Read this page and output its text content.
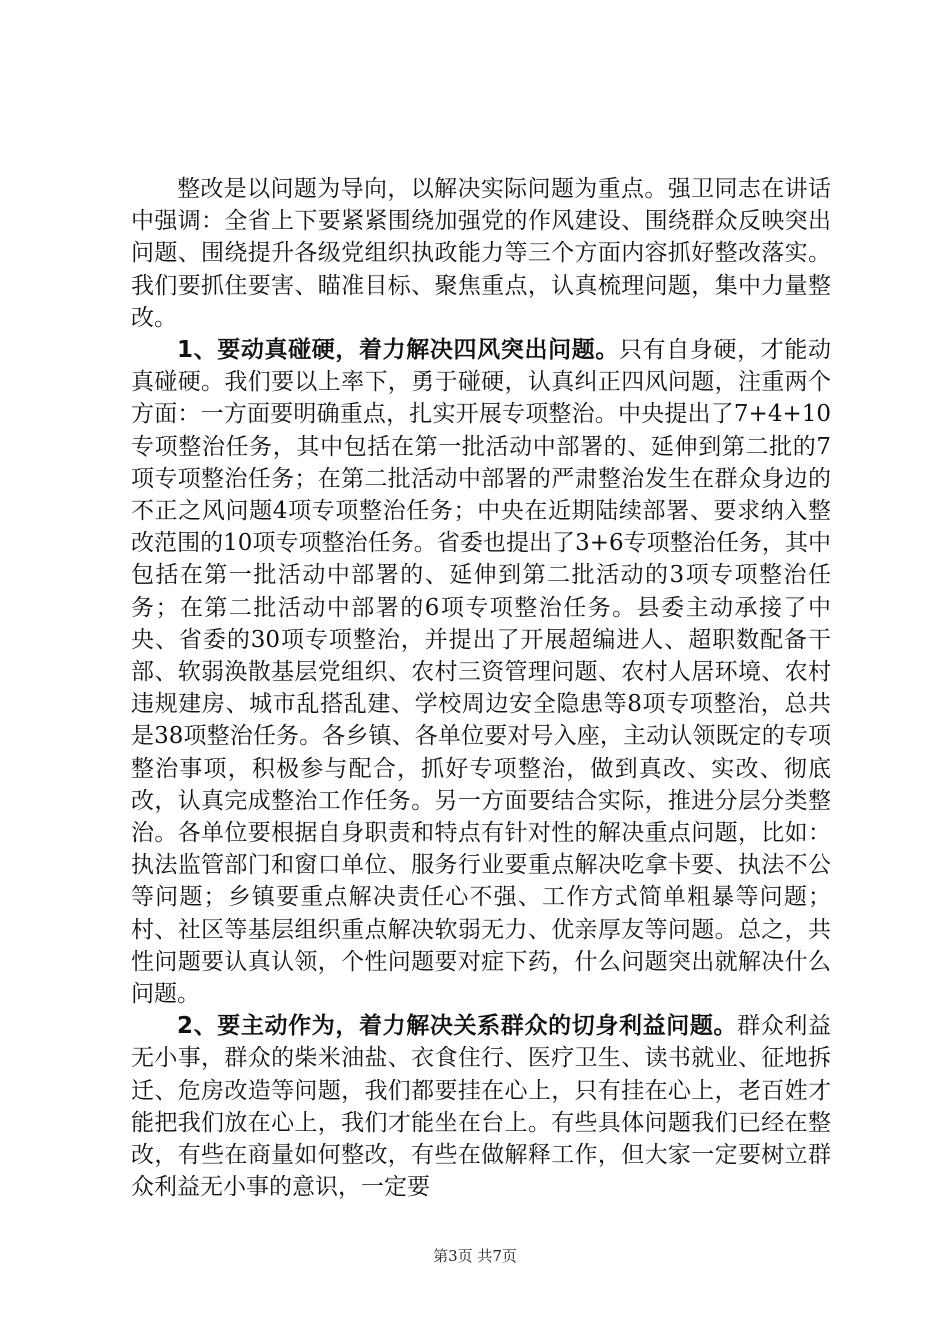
整改是以问题为导向，以解决实际问题为重点。强卫同志在讲话中强调：全省上下要紧紧围绕加强党的作风建设、围绕群众反映突出问题、围绕提升各级党组织执政能力等三个方面内容抓好整改落实。我们要抓住要害、瞄准目标、聚焦重点，认真梳理问题，集中力量整改。

1、要动真碰硬，着力解决四风突出问题。只有自身硬，才能动真碰硬。我们要以上率下，勇于碰硬，认真纠正四风问题，注重两个方面：一方面要明确重点，扎实开展专项整治。中央提出了7+4+10专项整治任务，其中包括在第一批活动中部署的、延伸到第二批的7项专项整治任务；在第二批活动中部署的严肃整治发生在群众身边的不正之风问题4项专项整治任务；中央在近期陆续部署、要求纳入整改范围的10项专项整治任务。省委也提出了3+6专项整治任务，其中包括在第一批活动中部署的、延伸到第二批活动的3项专项整治任务；在第二批活动中部署的6项专项整治任务。县委主动承接了中央、省委的30项专项整治，并提出了开展超编进人、超职数配备干部、软弱涣散基层党组织、农村三资管理问题、农村人居环境、农村违规建房、城市乱搭乱建、学校周边安全隐患等8项专项整治，总共是38项整治任务。各乡镇、各单位要对号入座，主动认领既定的专项整治事项，积极参与配合，抓好专项整治，做到真改、实改、彻底改，认真完成整治工作任务。另一方面要结合实际，推进分层分类整治。各单位要根据自身职责和特点有针对性的解决重点问题，比如：执法监管部门和窗口单位、服务行业要重点解决吃拿卡要、执法不公等问题；乡镇要重点解决责任心不强、工作方式简单粗暴等问题；村、社区等基层组织重点解决软弱无力、优亲厚友等问题。总之，共性问题要认真认领，个性问题要对症下药，什么问题突出就解决什么问题。

2、要主动作为，着力解决关系群众的切身利益问题。群众利益无小事，群众的柴米油盐、衣食住行、医疗卫生、读书就业、征地拆迁、危房改造等问题，我们都要挂在心上，只有挂在心上，老百姓才能把我们放在心上，我们才能坐在台上。有些具体问题我们已经在整改，有些在商量如何整改，有些在做解释工作，但大家一定要树立群众利益无小事的意识，一定要

第3页 共7页
